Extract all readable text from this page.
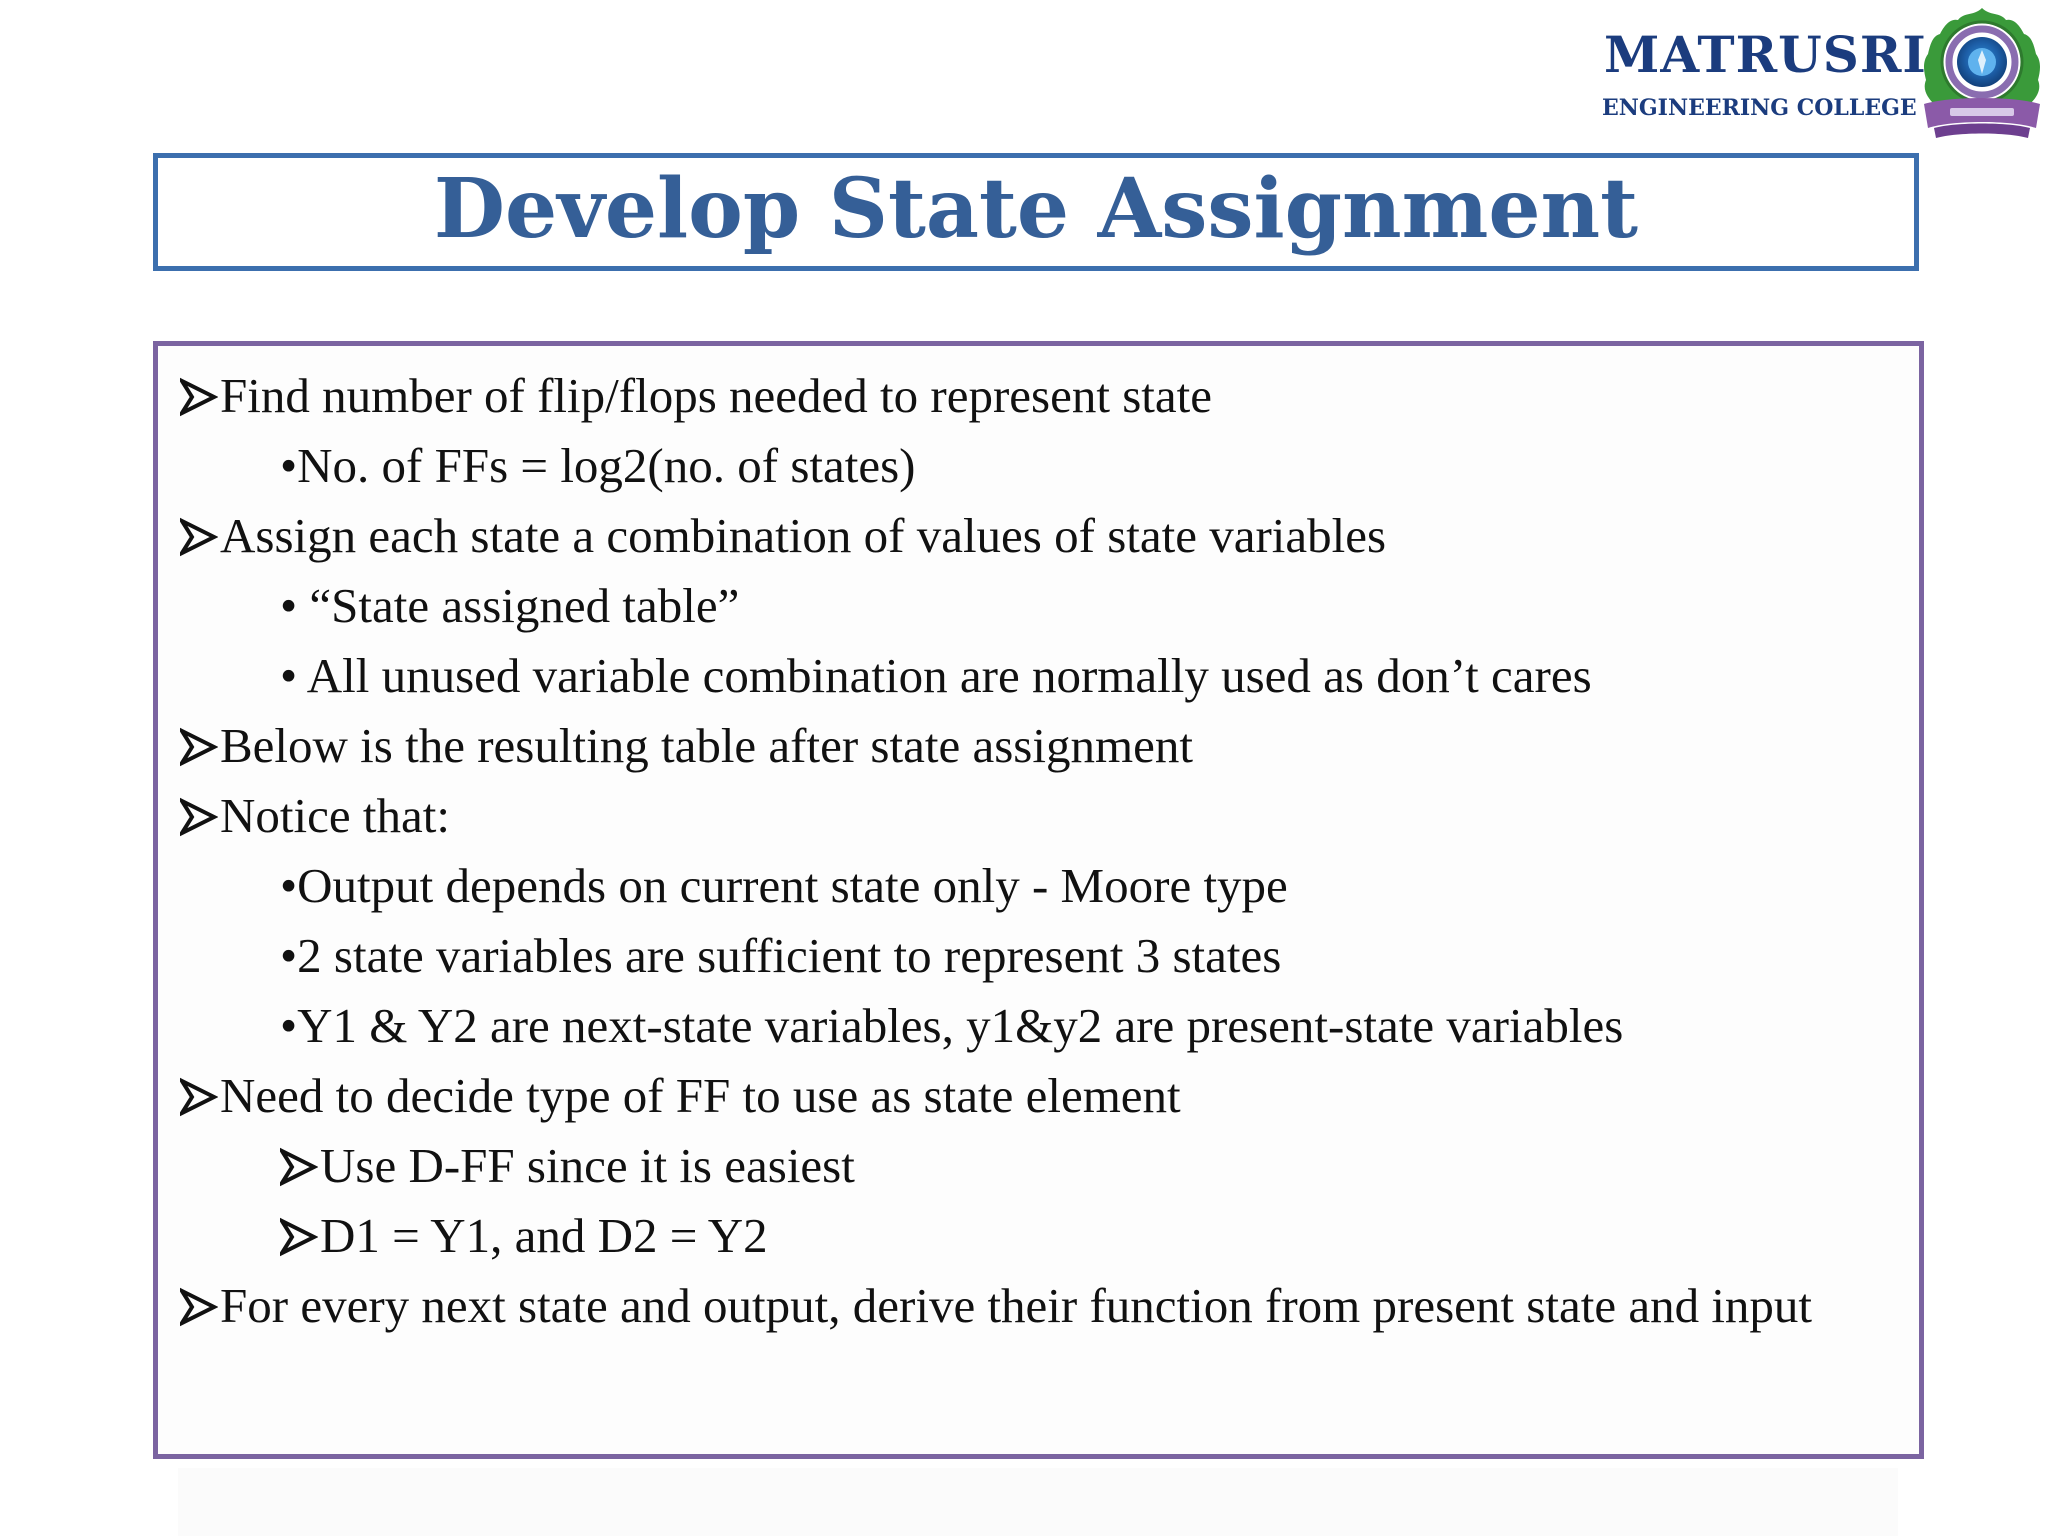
MATRUSRI
ENGINEERING COLLEGE
Develop State Assignment
Find number of flip/flops needed to represent state
•No. of FFs = log2(no. of states)
Assign each state a combination of values of state variables
• “State assigned table”
• All unused variable combination are normally used as don’t cares
Below is the resulting table after state assignment
Notice that:
•Output depends on current state only - Moore type
•2 state variables are sufficient to represent 3 states
•Y1 & Y2 are next-state variables, y1&y2 are present-state variables
Need to decide type of FF to use as state element
Use D-FF since it is easiest
D1 = Y1, and D2 = Y2
For every next state and output, derive their function from present state and input
